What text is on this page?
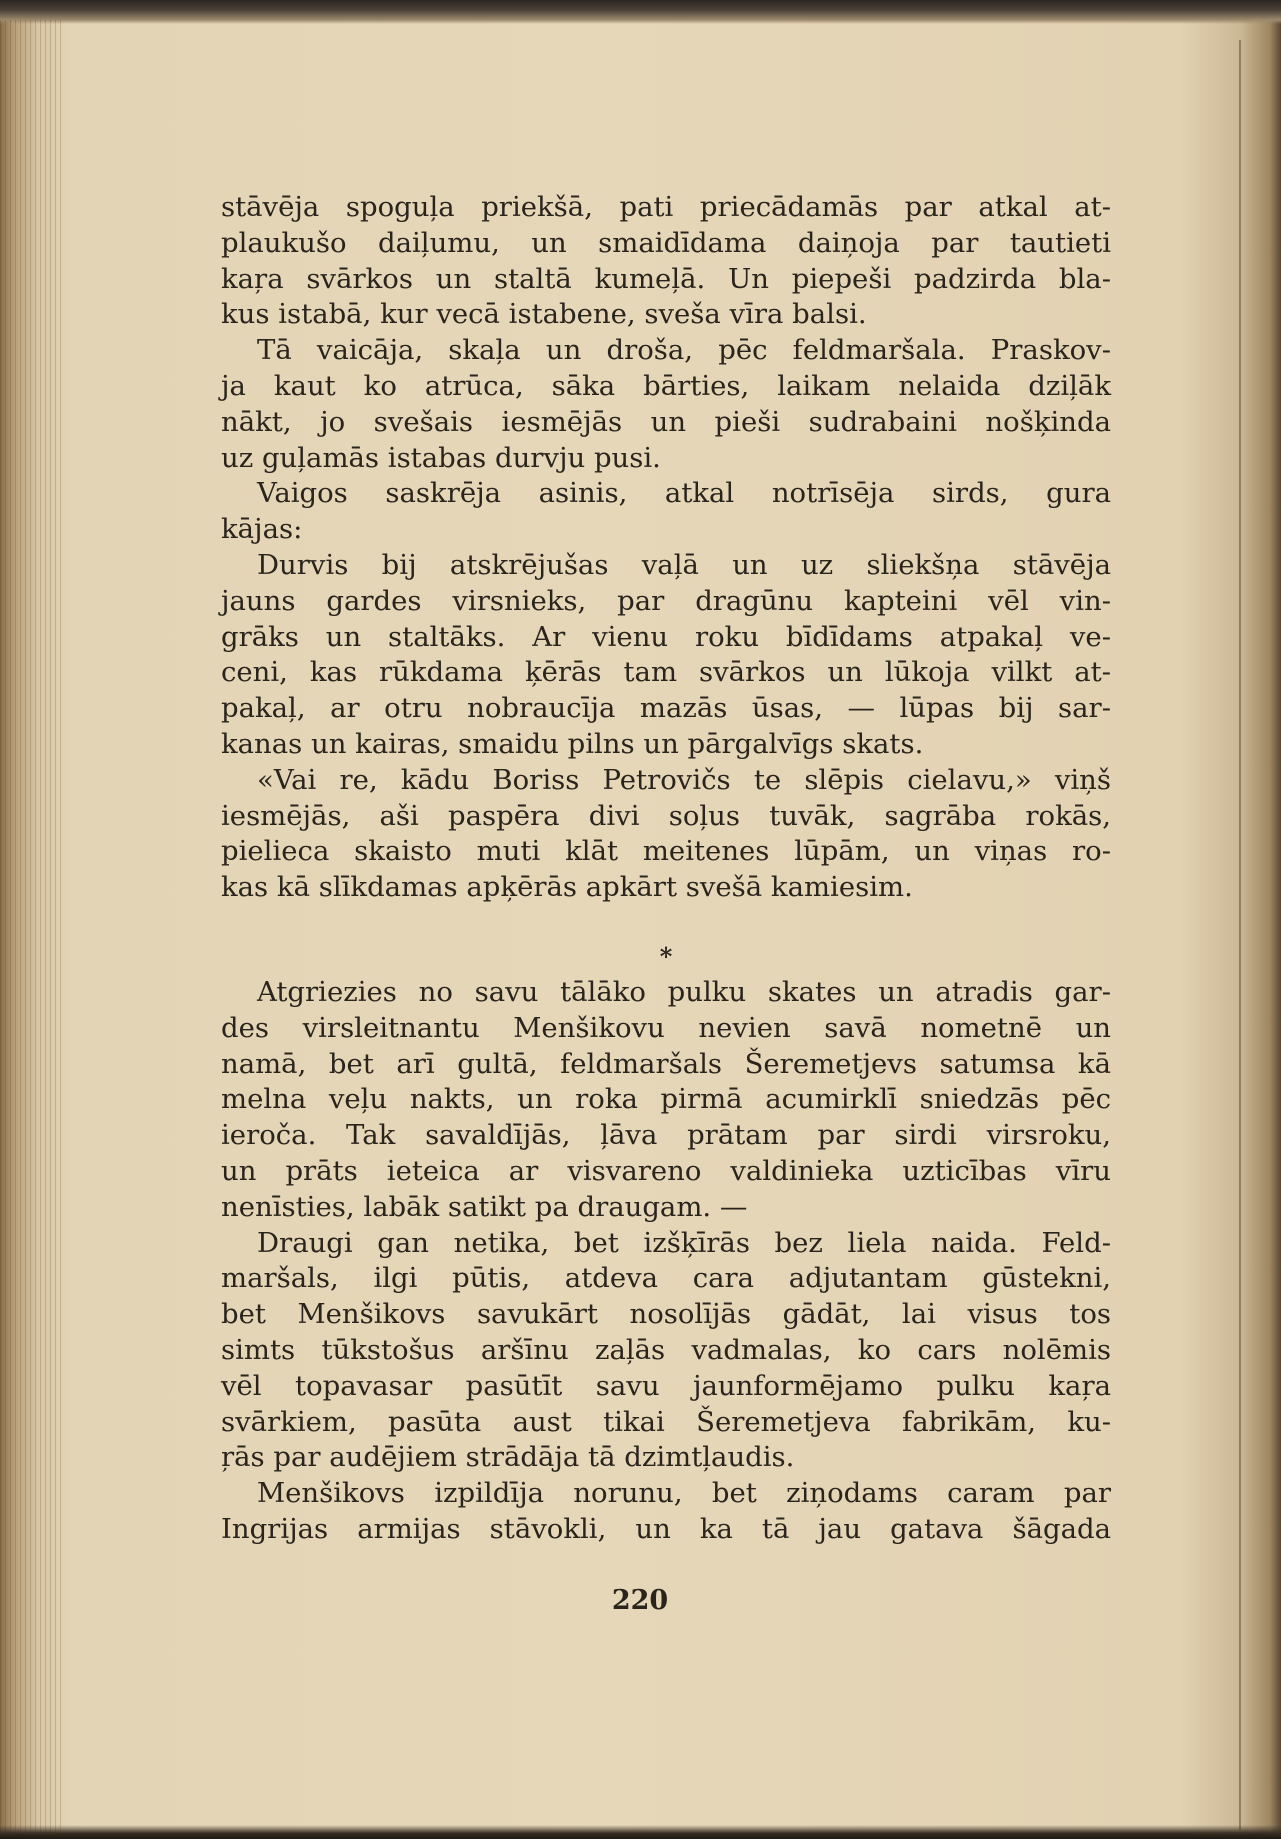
stāvēja spoguļa priekšā, pati priecādamās par atkal at-
plaukušo daiļumu, un smaidīdama daiņoja par tautieti
kaŗa svārkos un staltā kumeļā. Un piepeši padzirda bla-
kus istabā, kur vecā istabene, sveša vīra balsi.
Tā vaicāja, skaļa un droša, pēc feldmaršala. Praskov-
ja kaut ko atrūca, sāka bārties, laikam nelaida dziļāk
nākt, jo svešais iesmējās un pieši sudrabaini nošķinda
uz guļamās istabas durvju pusi.
Vaigos saskrēja asinis, atkal notrīsēja sirds, gura
kājas:
Durvis bij atskrējušas vaļā un uz sliekšņa stāvēja
jauns gardes virsnieks, par dragūnu kapteini vēl vin-
grāks un staltāks. Ar vienu roku bīdīdams atpakaļ ve-
ceni, kas rūkdama ķērās tam svārkos un lūkoja vilkt at-
pakaļ, ar otru nobraucīja mazās ūsas, — lūpas bij sar-
kanas un kairas, smaidu pilns un pārgalvīgs skats.
«Vai re, kādu Boriss Petrovičs te slēpis cielavu,» viņš
iesmējās, aši paspēra divi soļus tuvāk, sagrāba rokās,
pielieca skaisto muti klāt meitenes lūpām, un viņas ro-
kas kā slīkdamas apķērās apkārt svešā kamiesim.
*
Atgriezies no savu tālāko pulku skates un atradis gar-
des virsleitnantu Menšikovu nevien savā nometnē un
namā, bet arī gultā, feldmaršals Šeremetjevs satumsa kā
melna veļu nakts, un roka pirmā acumirklī sniedzās pēc
ieroča. Tak savaldījās, ļāva prātam par sirdi virsroku,
un prāts ieteica ar visvareno valdinieka uzticības vīru
nenīsties, labāk satikt pa draugam. —
Draugi gan netika, bet izšķīrās bez liela naida. Feld-
maršals, ilgi pūtis, atdeva cara adjutantam gūstekni,
bet Menšikovs savukārt nosolījās gādāt, lai visus tos
simts tūkstošus aršīnu zaļās vadmalas, ko cars nolēmis
vēl topavasar pasūtīt savu jaunformējamo pulku kaŗa
svārkiem, pasūta aust tikai Šeremetjeva fabrikām, ku-
ŗās par audējiem strādāja tā dzimtļaudis.
Menšikovs izpildīja norunu, bet ziņodams caram par
Ingrijas armijas stāvokli, un ka tā jau gatava šāgada
220
